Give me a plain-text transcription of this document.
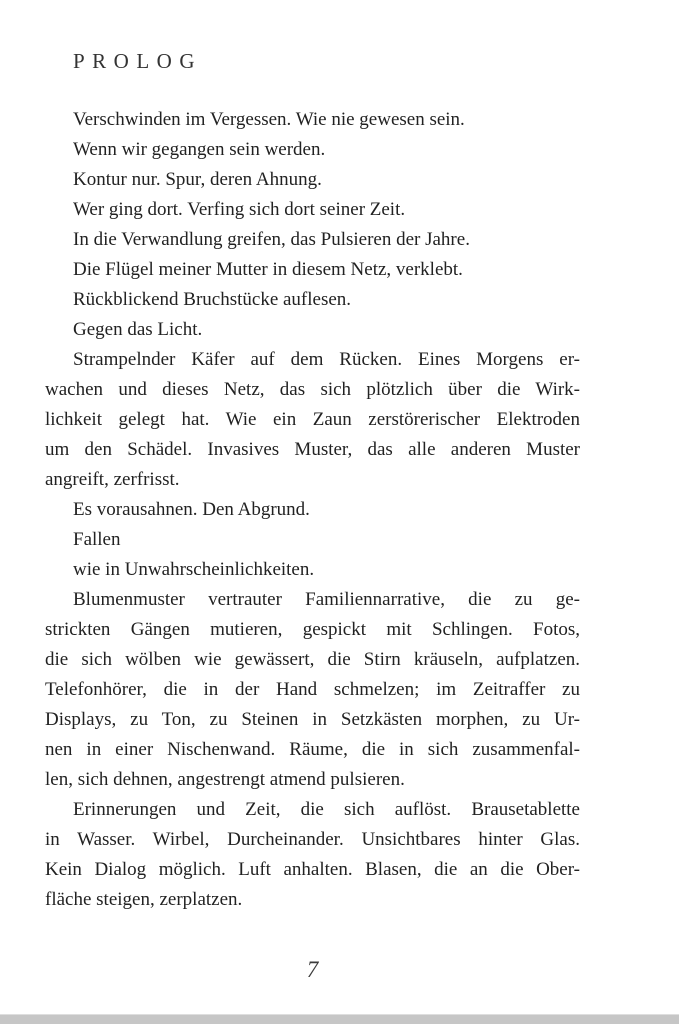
PROLOG
Verschwinden im Vergessen. Wie nie gewesen sein.
Wenn wir gegangen sein werden.
Kontur nur. Spur, deren Ahnung.
Wer ging dort. Verfing sich dort seiner Zeit.
In die Verwandlung greifen, das Pulsieren der Jahre.
Die Flügel meiner Mutter in diesem Netz, verklebt.
Rückblickend Bruchstücke auflesen.
Gegen das Licht.
Strampelnder Käfer auf dem Rücken. Eines Morgens er-
wachen und dieses Netz, das sich plötzlich über die Wirk-
lichkeit gelegt hat. Wie ein Zaun zerstörerischer Elektroden
um den Schädel. Invasives Muster, das alle anderen Muster
angreift, zerfrisst.
Es vorausahnen. Den Abgrund.
Fallen
wie in Unwahrscheinlichkeiten.
Blumenmuster vertrauter Familiennarrative, die zu ge-
strickten Gängen mutieren, gespickt mit Schlingen. Fotos,
die sich wölben wie gewässert, die Stirn kräuseln, aufplatzen.
Telefonhörer, die in der Hand schmelzen; im Zeitraffer zu
Displays, zu Ton, zu Steinen in Setzkästen morphen, zu Ur-
nen in einer Nischenwand. Räume, die in sich zusammenfal-
len, sich dehnen, angestrengt atmend pulsieren.
Erinnerungen und Zeit, die sich auflöst. Brausetablette
in Wasser. Wirbel, Durcheinander. Unsichtbares hinter Glas.
Kein Dialog möglich. Luft anhalten. Blasen, die an die Ober-
fläche steigen, zerplatzen.
7
